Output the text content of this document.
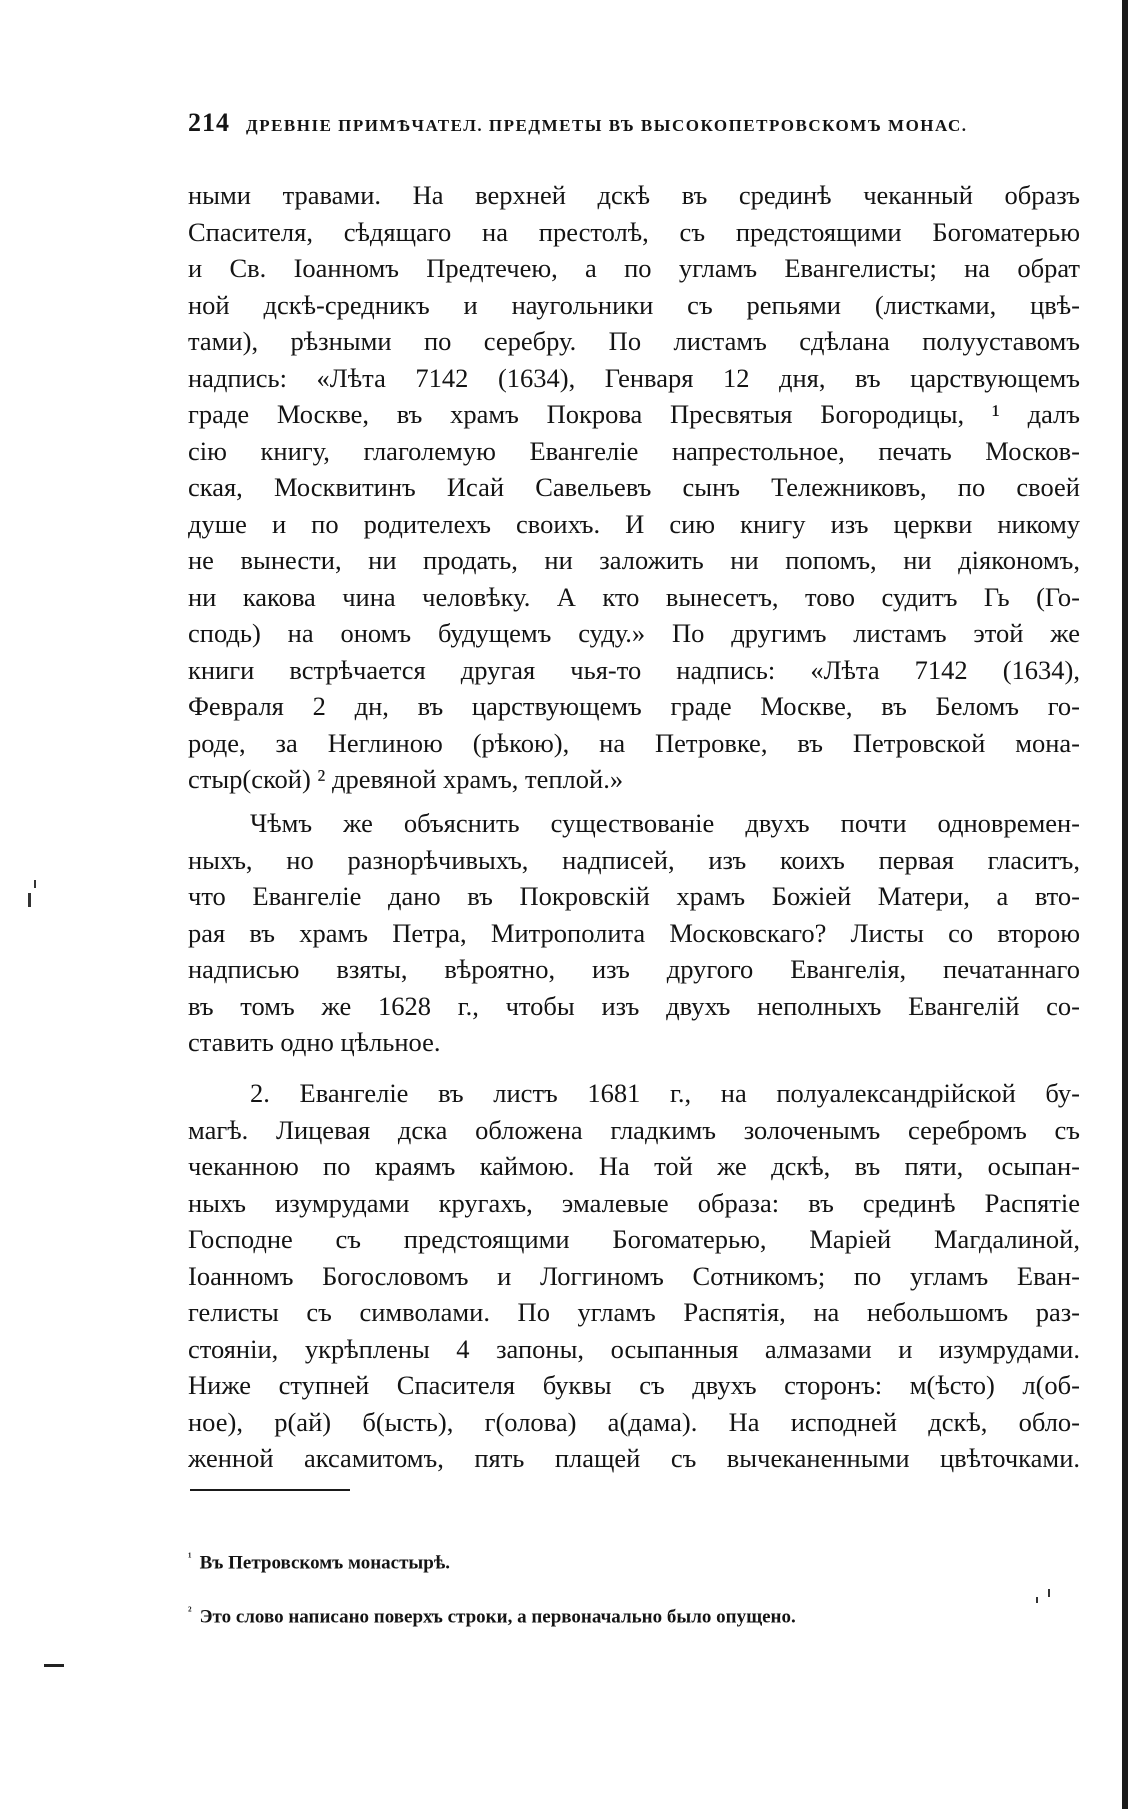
214 ДРЕВНІЕ ПРИМѢЧАТЕЛ. ПРЕДМЕТЫ ВЪ ВЫСОКОПЕТРОВСКОМЪ МОНАС.
ными травами. На верхней дскѣ въ срединѣ чеканный образъ
Спасителя, сѣдящаго на престолѣ, съ предстоящими Богоматерью
и Св. Іоанномъ Предтечею, а по угламъ Евангелисты; на обрат
ной дскѣ-средникъ и наугольники съ репьями (листками, цвѣ-
тами), рѣзными по серебру. По листамъ сдѣлана полууставомъ
надпись: «Лѣта 7142 (1634), Генваря 12 дня, въ царствующемъ
граде Москве, въ храмъ Покрова Пресвятыя Богородицы, ¹ далъ
сію книгу, глаголемую Евангеліе напрестольное, печать Москов-
ская, Москвитинъ Исай Савельевъ сынъ Тележниковъ, по своей
душе и по родителехъ своихъ. И сию книгу изъ церкви никому
не вынести, ни продать, ни заложить ни попомъ, ни діякономъ,
ни какова чина человѣку. А кто вынесетъ, тово судитъ Гь (Го-
сподь) на ономъ будущемъ суду.» По другимъ листамъ этой же
книги встрѣчается другая чья-то надпись: «Лѣта 7142 (1634),
Февраля 2 дн, въ царствующемъ граде Москве, въ Беломъ го-
роде, за Неглиною (рѣкою), на Петровке, въ Петровской мона-
стыр(ской) ² древяной храмъ, теплой.»
Чѣмъ же объяснить существованіе двухъ почти одновремен-
ныхъ, но разнорѣчивыхъ, надписей, изъ коихъ первая гласитъ,
что Евангеліе дано въ Покровскій храмъ Божіей Матери, а вто-
рая въ храмъ Петра, Митрополита Московскаго? Листы со второю
надписью взяты, вѣроятно, изъ другого Евангелія, печатаннаго
въ томъ же 1628 г., чтобы изъ двухъ неполныхъ Евангелій со-
ставить одно цѣльное.
2. Евангеліе въ листъ 1681 г., на полуалександрійской бу-
магѣ. Лицевая дска обложена гладкимъ золоченымъ серебромъ съ
чеканною по краямъ каймою. На той же дскѣ, въ пяти, осыпан-
ныхъ изумрудами кругахъ, эмалевые образа: въ срединѣ Распятіе
Господне съ предстоящими Богоматерью, Маріей Магдалиной,
Іоанномъ Богословомъ и Логгиномъ Сотникомъ; по угламъ Еван-
гелисты съ символами. По угламъ Распятія, на небольшомъ раз-
стояніи, укрѣплены 4 запоны, осыпанныя алмазами и изумрудами.
Ниже ступней Спасителя буквы съ двухъ сторонъ: м(ѣсто) л(об-
ное), р(ай) б(ысть), г(олова) а(дама). На исподней дскѣ, обло-
женной аксамитомъ, пять плащей съ вычеканенными цвѣточками.
$^{^1}$ Въ Петровскомъ монастырѣ.
$^{^2}$ Это слово написано поверхъ строки, а первоначально было опущено.
